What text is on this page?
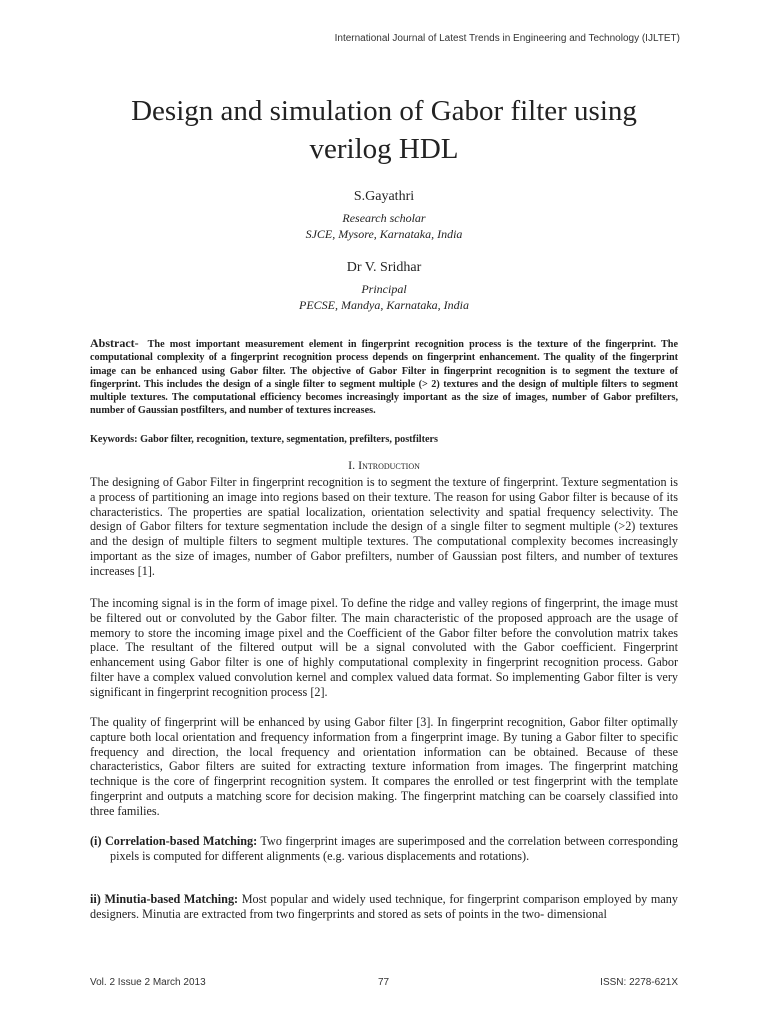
International Journal of Latest Trends in Engineering and Technology (IJLTET)
Design and simulation of Gabor filter using
verilog HDL
S.Gayathri
Research scholar
SJCE, Mysore, Karnataka, India
Dr V. Sridhar
Principal
PECSE, Mandya, Karnataka, India
Abstract- The most important measurement element in fingerprint recognition process is the texture of the fingerprint. The computational complexity of a fingerprint recognition process depends on fingerprint enhancement. The quality of the fingerprint image can be enhanced using Gabor filter. The objective of Gabor Filter in fingerprint recognition is to segment the texture of fingerprint. This includes the design of a single filter to segment multiple (> 2) textures and the design of multiple filters to segment multiple textures. The computational efficiency becomes increasingly important as the size of images, number of Gabor prefilters, number of Gaussian postfilters, and number of textures increases.
Keywords: Gabor filter, recognition, texture, segmentation, prefilters, postfilters
I. Introduction

The designing of Gabor Filter in fingerprint recognition is to segment the texture of fingerprint. Texture segmentation is a process of partitioning an image into regions based on their texture. The reason for using Gabor filter is because of its characteristics. The properties are spatial localization, orientation selectivity and spatial frequency selectivity. The design of Gabor filters for texture segmentation include the design of a single filter to segment multiple (>2) textures and the design of multiple filters to segment multiple textures. The computational complexity becomes increasingly important as the size of images, number of Gabor prefilters, number of Gaussian post filters, and number of textures increases [1].

The incoming signal is in the form of image pixel. To define the ridge and valley regions of fingerprint, the image must be filtered out or convoluted by the Gabor filter. The main characteristic of the proposed approach are the usage of memory to store the incoming image pixel and the Coefficient of the Gabor filter before the convolution matrix takes place. The resultant of the filtered output will be a signal convoluted with the Gabor coefficient. Fingerprint enhancement using Gabor filter is one of highly computational complexity in fingerprint recognition process. Gabor filter have a complex valued convolution kernel and complex valued data format. So implementing Gabor filter is very significant in fingerprint recognition process [2].

The quality of fingerprint will be enhanced by using Gabor filter [3]. In fingerprint recognition, Gabor filter optimally capture both local orientation and frequency information from a fingerprint image. By tuning a Gabor filter to specific frequency and direction, the local frequency and orientation information can be obtained. Because of these characteristics, Gabor filters are suited for extracting texture information from images. The fingerprint matching technique is the core of fingerprint recognition system. It compares the enrolled or test fingerprint with the template fingerprint and outputs a matching score for decision making. The fingerprint matching can be coarsely classified into three families.

(i) Correlation-based Matching: Two fingerprint images are superimposed and the correlation between corresponding pixels is computed for different alignments (e.g. various displacements and rotations).
ii) Minutia-based Matching: Most popular and widely used technique, for fingerprint comparison employed by many designers. Minutia are extracted from two fingerprints and stored as sets of points in the two- dimensional
Vol. 2 Issue 2 March 2013	77	ISSN: 2278-621X
